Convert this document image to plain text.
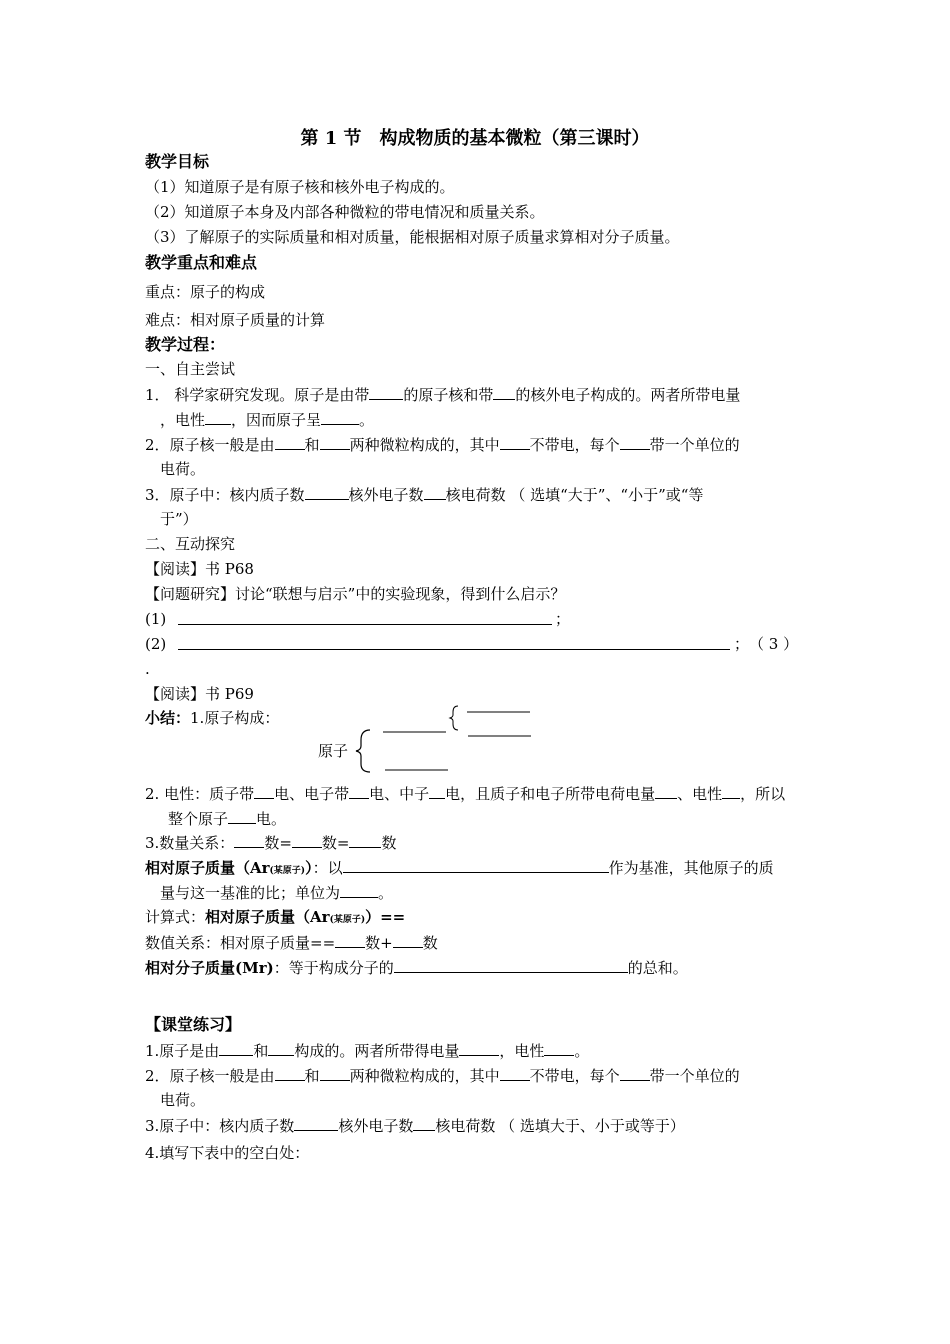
第 1 节　构成物质的基本微粒（第三课时）
教学目标
（1）知道原子是有原子核和核外电子构成的。
（2）知道原子本身及内部各种微粒的带电情况和质量关系。
（3）了解原子的实际质量和相对质量，能根据相对原子质量求算相对分子质量。
教学重点和难点
重点：原子的构成
难点：相对原子质量的计算
教学过程：
一、自主尝试
1． 科学家研究发现。原子是由带 的原子核和带 的核外电子构成的。两者所带电量
，电性 ，因而原子呈	。
2．原子核一般是由 和 两种微粒构成的，其中 不带电，每个 带一个单位的
电荷。
3．原子中：核内质子数	核外电子数 核电荷数 （ 选填“大于”、“小于”或“等
于”）
二、互动探究
【阅读】书 P68
【问题研究】讨论“联想与启示”中的实验现象，得到什么启示？
(1)	；
(2)	；　（ 3 ）
.
【阅读】书 P69
小结：1.原子构成：
原子
2. 电性：质子带 电、电子带 电、中子 电，且质子和电子所带电荷电量 、电性 ，所以
整个原子 电。
3.数量关系： 数= 数= 数
相对原子质量（Ar(某原子)）：以	作为基准，其他原子的质
量与这一基准的比；单位为	。
计算式：相对原子质量（Ar(某原子)）==
数值关系：相对原子质量== 数+ 数
相对分子质量(Mr)：等于构成分子的	的总和。
【课堂练习】
1.原子是由 和 构成的。两者所带得电量	，电性 。
2．原子核一般是由 和 两种微粒构成的，其中 不带电，每个 带一个单位的
电荷。
3.原子中：核内质子数	核外电子数 核电荷数 （ 选填大于、小于或等于）
4.填写下表中的空白处：
